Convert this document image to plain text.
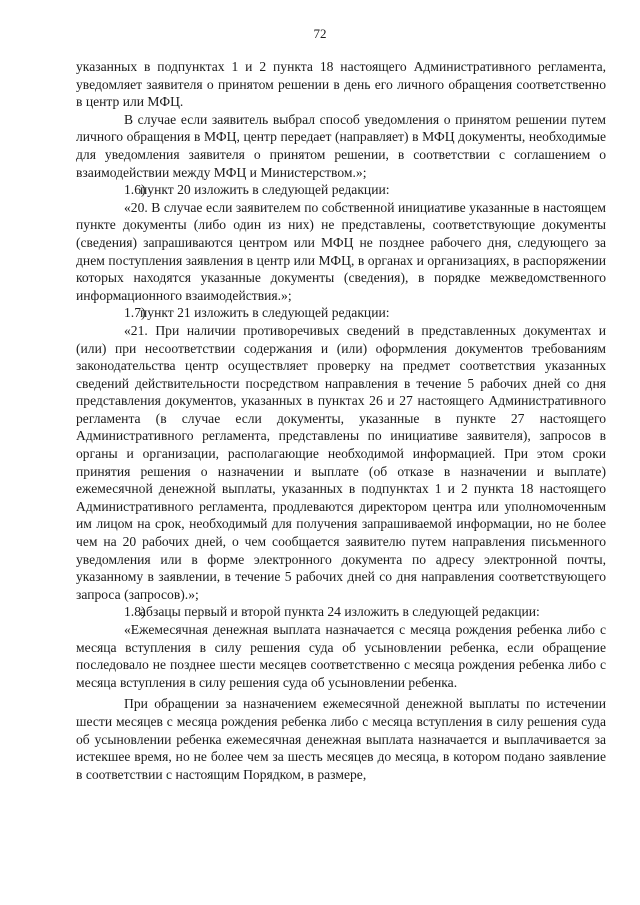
72

указанных в подпунктах 1 и 2 пункта 18 настоящего Административного регламента, уведомляет заявителя о принятом решении в день его личного обращения соответственно в центр или МФЦ.

В случае если заявитель выбрал способ уведомления о принятом решении путем личного обращения в МФЦ, центр передает (направляет) в МФЦ документы, необходимые для уведомления заявителя о принятом решении, в соответствии с соглашением о взаимодействии между МФЦ и Министерством.»;

1.6)пункт 20 изложить в следующей редакции:

«20. В случае если заявителем по собственной инициативе указанные в настоящем пункте документы (либо один из них) не представлены, соответствующие документы (сведения) запрашиваются центром или МФЦ не позднее рабочего дня, следующего за днем поступления заявления в центр или МФЦ, в органах и организациях, в распоряжении которых находятся указанные документы (сведения), в порядке межведомственного информационного взаимодействия.»;

1.7)пункт 21 изложить в следующей редакции:

«21. При наличии противоречивых сведений в представленных документах и (или) при несоответствии содержания и (или) оформления документов требованиям законодательства центр осуществляет проверку на предмет соответствия указанных сведений действительности посредством направления в течение 5 рабочих дней со дня представления документов, указанных в пунктах 26 и 27 настоящего Административного регламента (в случае если документы, указанные в пункте 27 настоящего Административного регламента, представлены по инициативе заявителя), запросов в органы и организации, располагающие необходимой информацией. При этом сроки принятия решения о назначении и выплате (об отказе в назначении и выплате) ежемесячной денежной выплаты, указанных в подпунктах 1 и 2 пункта 18 настоящего Административного регламента, продлеваются директором центра или уполномоченным им лицом на срок, необходимый для получения запрашиваемой информации, но не более чем на 20 рабочих дней, о чем сообщается заявителю путем направления письменного уведомления или в форме электронного документа по адресу электронной почты, указанному в заявлении, в течение 5 рабочих дней со дня направления соответствующего запроса (запросов).»;

1.8)абзацы первый и второй пункта 24 изложить в следующей редакции:

«Ежемесячная денежная выплата назначается с месяца рождения ребенка либо с месяца вступления в силу решения суда об усыновлении ребенка, если обращение последовало не позднее шести месяцев соответственно с месяца рождения ребенка либо с месяца вступления в силу решения суда об усыновлении ребенка.

При обращении за назначением ежемесячной денежной выплаты по истечении шести месяцев с месяца рождения ребенка либо с месяца вступления в силу решения суда об усыновлении ребенка ежемесячная денежная выплата назначается и выплачивается за истекшее время, но не более чем за шесть месяцев до месяца, в котором подано заявление в соответствии с настоящим Порядком, в размере,
